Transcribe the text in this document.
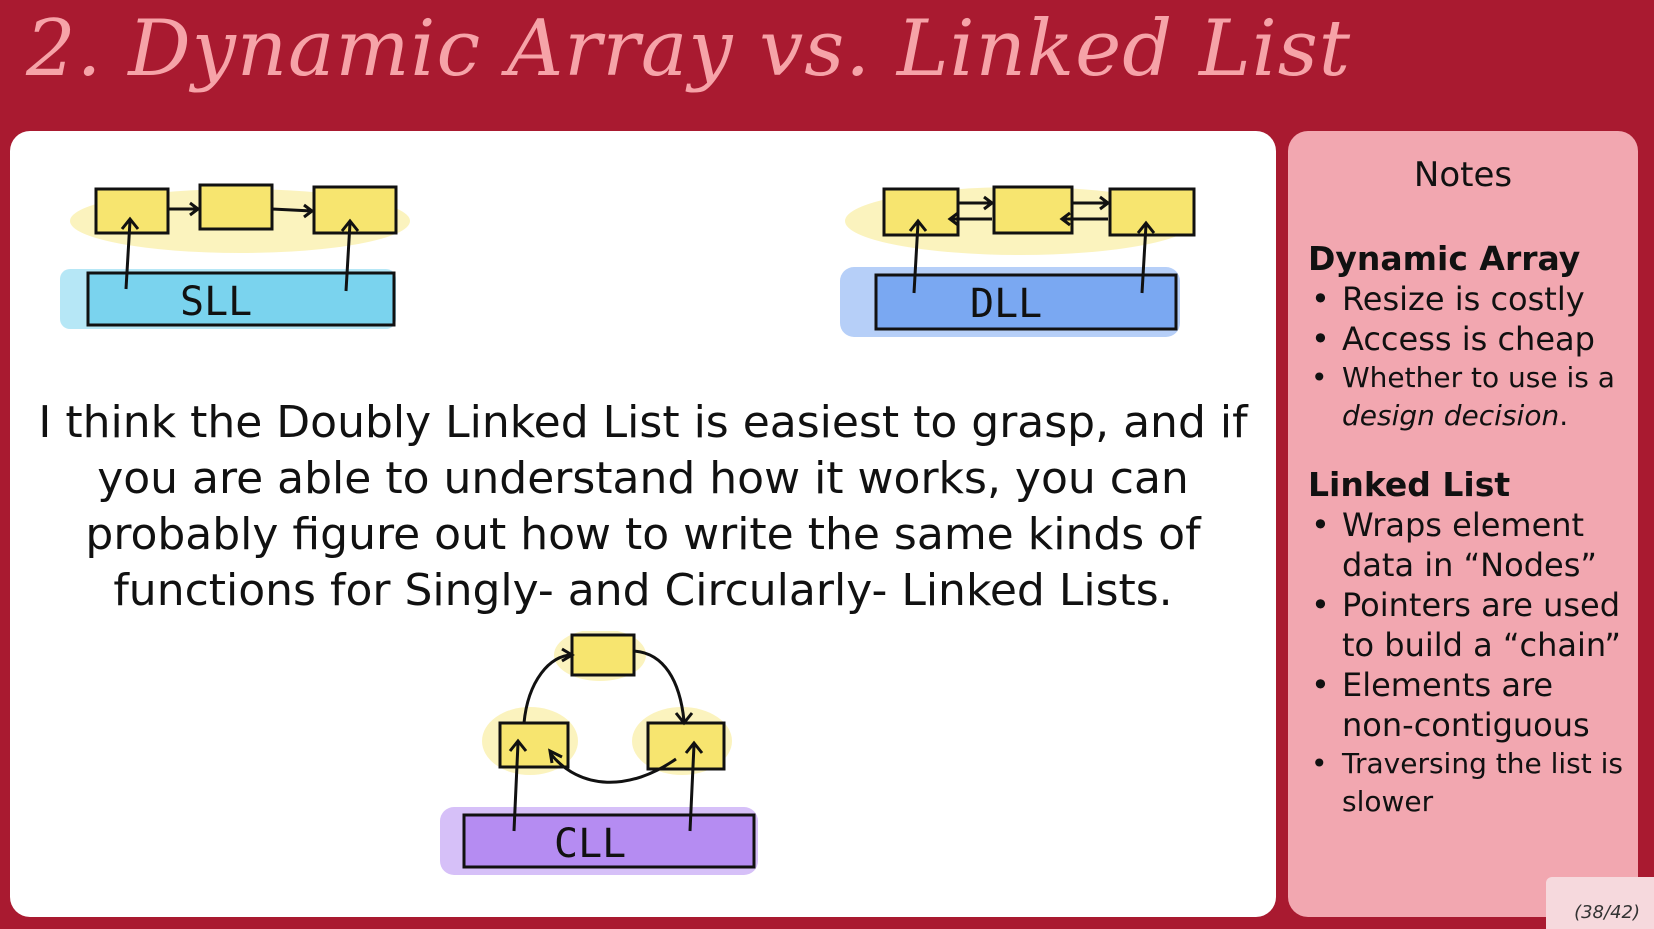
2. Dynamic Array vs. Linked List
SLL	DLL
CLL
I think the Doubly Linked List is easiest to grasp, and if you are able to understand how it works, you can probably figure out how to write the same kinds of functions for Singly- and Circularly- Linked Lists.
Notes
Dynamic Array
• Resize is costly
• Access is cheap
• Whether to use is a design decision.
Linked List
• Wraps element data in “Nodes”
• Pointers are used to build a “chain”
• Elements are non-contiguous
• Traversing the list is slower
(38/42)
